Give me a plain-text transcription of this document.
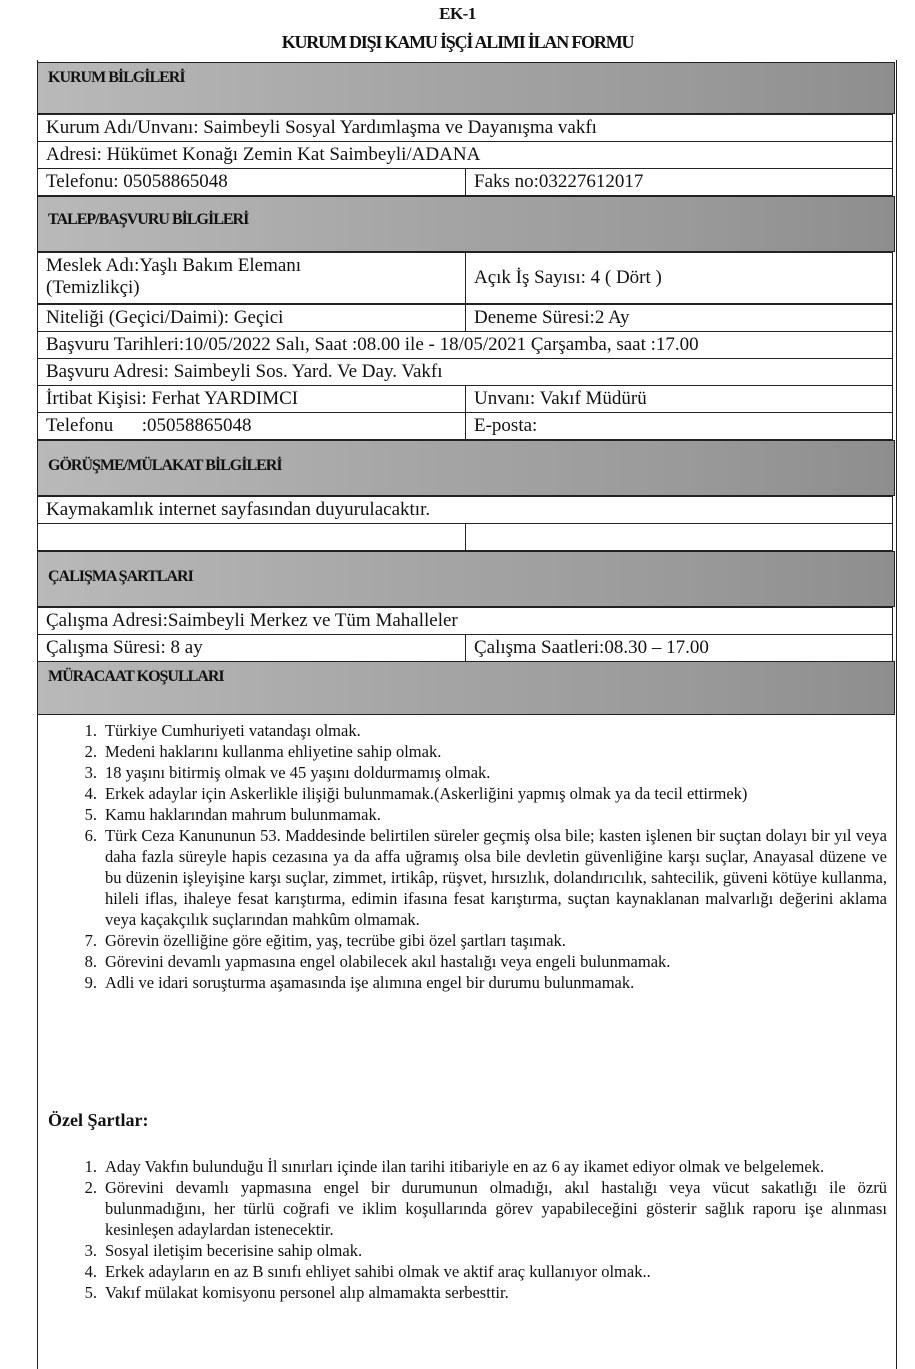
EK-1
KURUM DIŞI KAMU İŞÇİ ALIMI İLAN FORMU
KURUM BİLGİLERİ
Kurum Adı/Unvanı: Saimbeyli Sosyal Yardımlaşma ve Dayanışma vakfı
Adresi: Hükümet Konağı Zemin Kat Saimbeyli/ADANA
Telefonu: 05058865048	Faks no:03227612017
TALEP/BAŞVURU BİLGİLERİ
Meslek Adı:Yaşlı Bakım Elemanı
(Temizlikçi)	Açık İş Sayısı: 4 ( Dört )
Niteliği (Geçici/Daimi): Geçici	Deneme Süresi:2 Ay
Başvuru Tarihleri:10/05/2022 Salı, Saat :08.00 ile - 18/05/2021 Çarşamba, saat :17.00
Başvuru Adresi: Saimbeyli Sos. Yard. Ve Day. Vakfı
İrtibat Kişisi: Ferhat YARDIMCI	Unvanı: Vakıf Müdürü
Telefonu      :05058865048	E-posta:
GÖRÜŞME/MÜLAKAT BİLGİLERİ
Kaymakamlık internet sayfasından duyurulacaktır.
ÇALIŞMA ŞARTLARI
Çalışma Adresi:Saimbeyli Merkez ve Tüm Mahalleler
Çalışma Süresi: 8 ay	Çalışma Saatleri:08.30 – 17.00
MÜRACAAT KOŞULLARI
1. Türkiye Cumhuriyeti vatandaşı olmak.
2. Medeni haklarını kullanma ehliyetine sahip olmak.
3. 18 yaşını bitirmiş olmak ve 45 yaşını doldurmamış olmak.
4. Erkek adaylar için Askerlikle ilişiği bulunmamak.(Askerliğini yapmış olmak ya da tecil ettirmek)
5. Kamu haklarından mahrum bulunmamak.
6. Türk Ceza Kanununun 53. Maddesinde belirtilen süreler geçmiş olsa bile; kasten işlenen bir suçtan dolayı bir yıl veya daha fazla süreyle hapis cezasına ya da affa uğramış olsa bile devletin güvenliğine karşı suçlar, Anayasal düzene ve bu düzenin işleyişine karşı suçlar, zimmet, irtikâp, rüşvet, hırsızlık, dolandırıcılık, sahtecilik, güveni kötüye kullanma, hileli iflas, ihaleye fesat karıştırma, edimin ifasına fesat karıştırma, suçtan kaynaklanan malvarlığı değerini aklama veya kaçakçılık suçlarından mahkûm olmamak.
7. Görevin özelliğine göre eğitim, yaş, tecrübe gibi özel şartları taşımak.
8. Görevini devamlı yapmasına engel olabilecek akıl hastalığı veya engeli bulunmamak.
9. Adli ve idari soruşturma aşamasında işe alımına engel bir durumu bulunmamak.
Özel Şartlar:
1. Aday Vakfın bulunduğu İl sınırları içinde ilan tarihi itibariyle en az 6 ay ikamet ediyor olmak ve belgelemek.
2. Görevini devamlı yapmasına engel bir durumunun olmadığı, akıl hastalığı veya vücut sakatlığı ile özrü bulunmadığını, her türlü coğrafi ve iklim koşullarında görev yapabileceğini gösterir sağlık raporu işe alınması kesinleşen adaylardan istenecektir.
3. Sosyal iletişim becerisine sahip olmak.
4. Erkek adayların en az B sınıfı ehliyet sahibi olmak ve aktif araç kullanıyor olmak..
5. Vakıf mülakat komisyonu personel alıp almamakta serbesttir.
